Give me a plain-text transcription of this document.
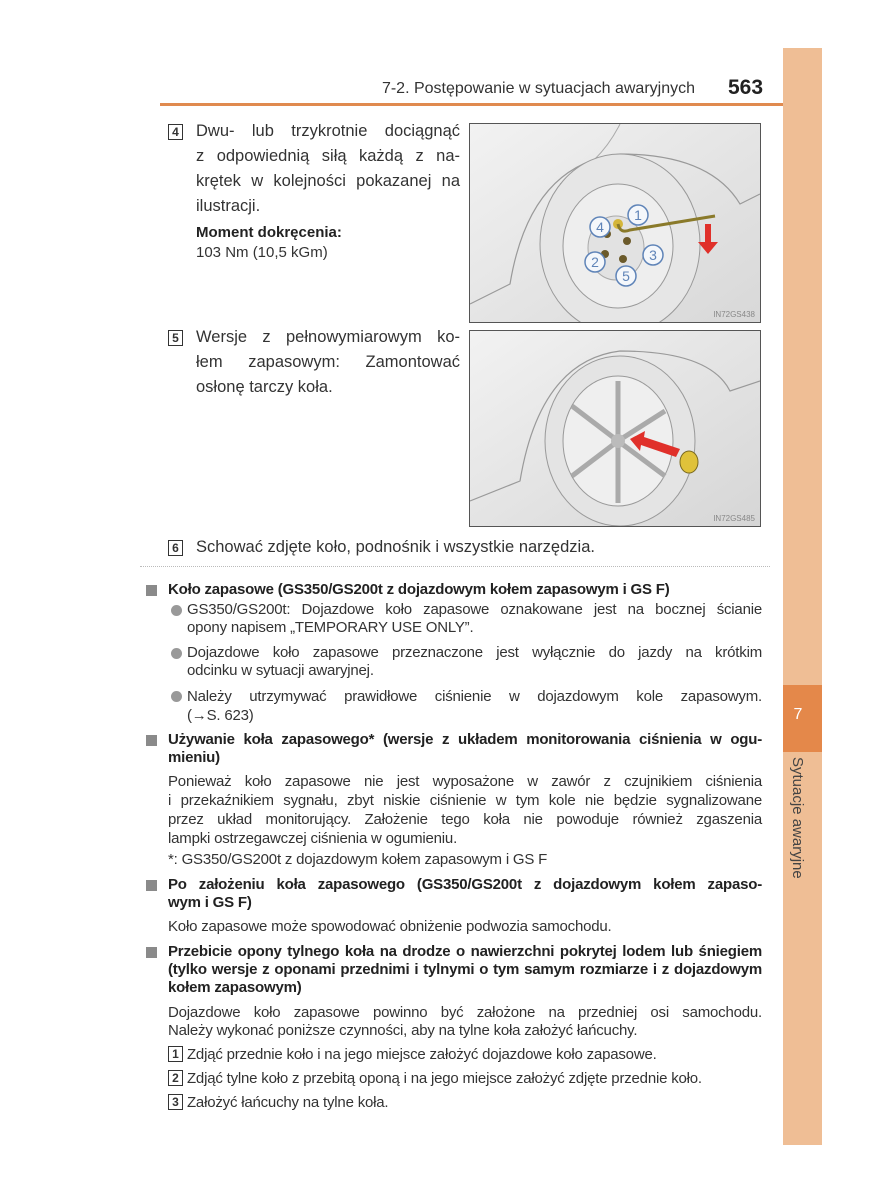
7-2. Postępowanie w sytuacjach awaryjnych 563
7
Sytuacje awaryjne
4 Dwu- lub trzykrotnie dociągnąć
z odpowiednią siłą każdą z na-
krętek w kolejności pokazanej na
ilustracji.
Moment dokręcenia:
103 Nm (10,5 kGm)
1
2	3
4
5
IN72GS438
5 Wersje z pełnowymiarowym ko-
łem zapasowym: Zamontować
osłonę tarczy koła.
IN72GS485
6 Schować zdjęte koło, podnośnik i wszystkie narzędzia.
Koło zapasowe (GS350/GS200t z dojazdowym kołem zapasowym i GS F)
GS350/GS200t: Dojazdowe koło zapasowe oznakowane jest na bocznej ścianie
opony napisem „TEMPORARY USE ONLY”.
Dojazdowe koło zapasowe przeznaczone jest wyłącznie do jazdy na krótkim
odcinku w sytuacji awaryjnej.
Należy utrzymywać prawidłowe ciśnienie w dojazdowym kole zapasowym.
(→S. 623)
Używanie koła zapasowego* (wersje z układem monitorowania ciśnienia w ogu-
mieniu)
Ponieważ koło zapasowe nie jest wyposażone w zawór z czujnikiem ciśnienia
i przekaźnikiem sygnału, zbyt niskie ciśnienie w tym kole nie będzie sygnalizowane
przez układ monitorujący. Założenie tego koła nie powoduje również zgaszenia
lampki ostrzegawczej ciśnienia w ogumieniu.
*: GS350/GS200t z dojazdowym kołem zapasowym i GS F
Po założeniu koła zapasowego (GS350/GS200t z dojazdowym kołem zapaso-
wym i GS F)
Koło zapasowe może spowodować obniżenie podwozia samochodu.
Przebicie opony tylnego koła na drodze o nawierzchni pokrytej lodem lub śniegiem
(tylko wersje z oponami przednimi i tylnymi o tym samym rozmiarze i z dojazdowym
kołem zapasowym)
Dojazdowe koło zapasowe powinno być założone na przedniej osi samochodu.
Należy wykonać poniższe czynności, aby na tylne koła założyć łańcuchy.
1 Zdjąć przednie koło i na jego miejsce założyć dojazdowe koło zapasowe.
2 Zdjąć tylne koło z przebitą oponą i na jego miejsce założyć zdjęte przednie koło.
3 Założyć łańcuchy na tylne koła.
